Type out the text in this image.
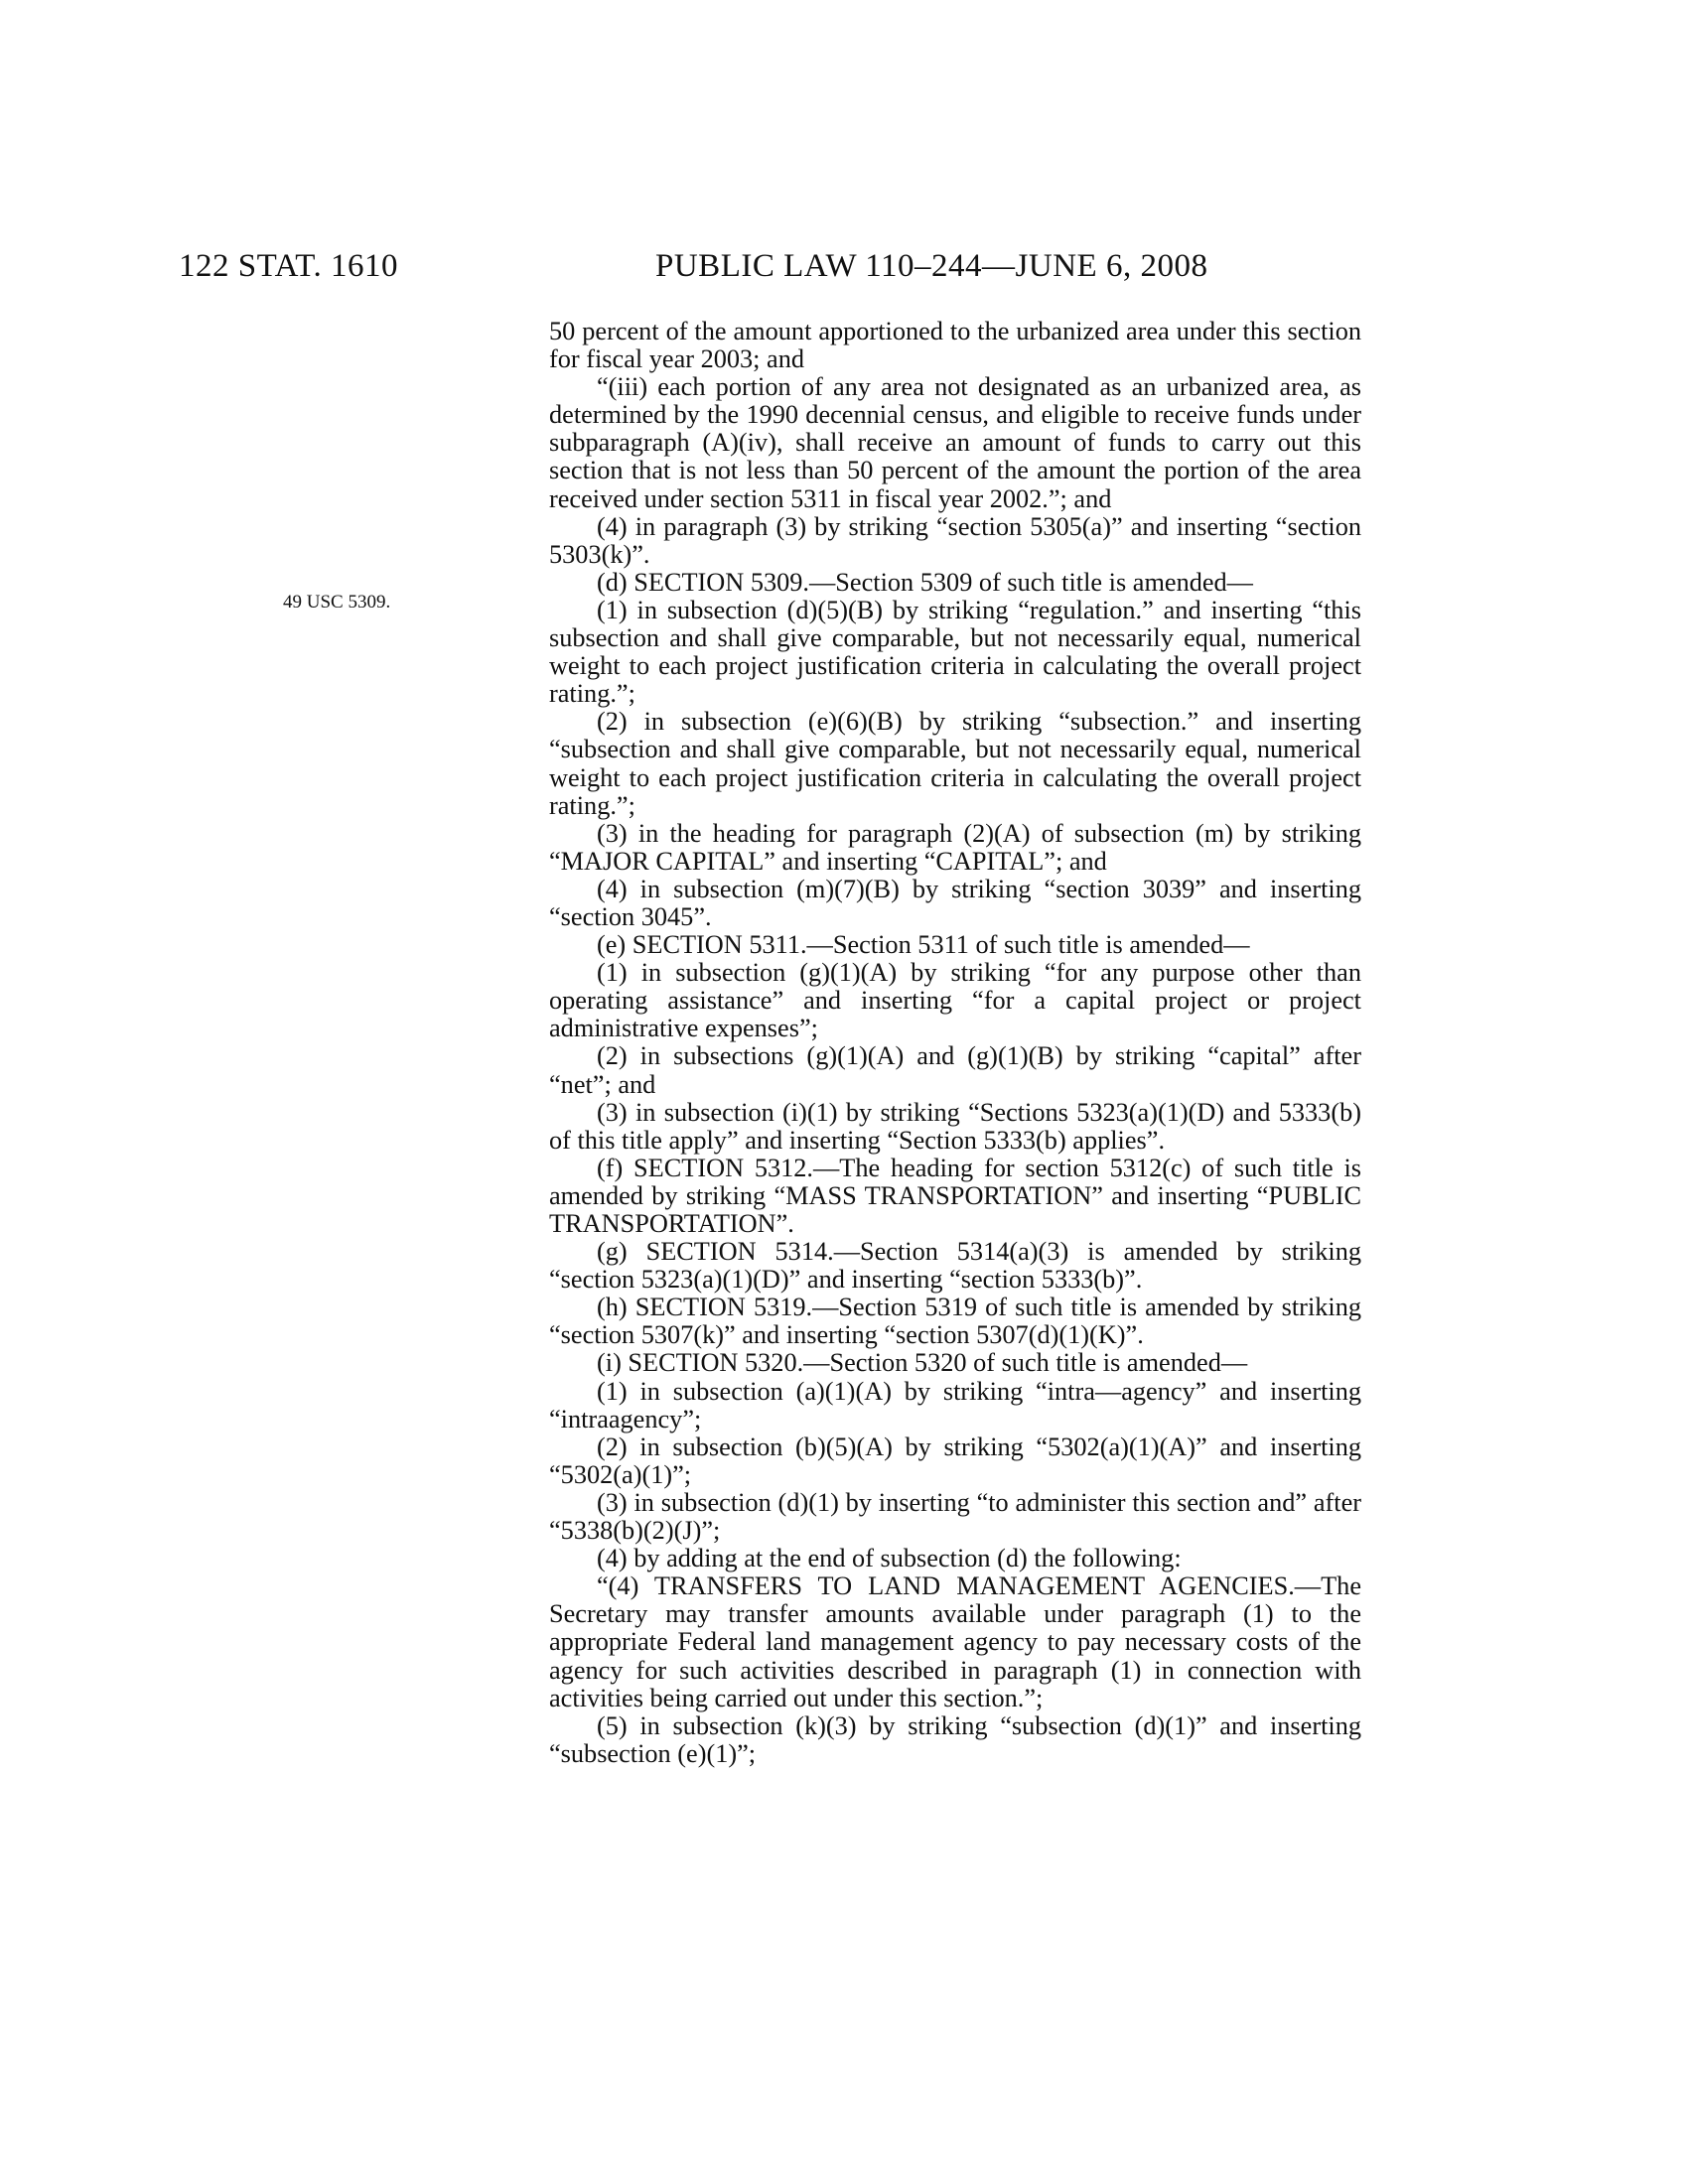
122 STAT. 1610	PUBLIC LAW 110–244—JUNE 6, 2008
49 USC 5309.

50 percent of the amount apportioned to the urbanized area under this section for fiscal year 2003; and

“(iii) each portion of any area not designated as an urbanized area, as determined by the 1990 decennial census, and eligible to receive funds under subparagraph (A)(iv), shall receive an amount of funds to carry out this section that is not less than 50 percent of the amount the portion of the area received under section 5311 in fiscal year 2002.”; and

(4) in paragraph (3) by striking “section 5305(a)” and inserting “section 5303(k)”.

(d) SECTION 5309.—Section 5309 of such title is amended—

(1) in subsection (d)(5)(B) by striking “regulation.” and inserting “this subsection and shall give comparable, but not necessarily equal, numerical weight to each project justification criteria in calculating the overall project rating.”;

(2) in subsection (e)(6)(B) by striking “subsection.” and inserting “subsection and shall give comparable, but not necessarily equal, numerical weight to each project justification criteria in calculating the overall project rating.”;

(3) in the heading for paragraph (2)(A) of subsection (m) by striking “MAJOR CAPITAL” and inserting “CAPITAL”; and

(4) in subsection (m)(7)(B) by striking “section 3039” and inserting “section 3045”.

(e) SECTION 5311.—Section 5311 of such title is amended—

(1) in subsection (g)(1)(A) by striking “for any purpose other than operating assistance” and inserting “for a capital project or project administrative expenses”;

(2) in subsections (g)(1)(A) and (g)(1)(B) by striking “capital” after “net”; and

(3) in subsection (i)(1) by striking “Sections 5323(a)(1)(D) and 5333(b) of this title apply” and inserting “Section 5333(b) applies”.

(f) SECTION 5312.—The heading for section 5312(c) of such title is amended by striking “MASS TRANSPORTATION” and inserting “PUBLIC TRANSPORTATION”.

(g) SECTION 5314.—Section 5314(a)(3) is amended by striking “section 5323(a)(1)(D)” and inserting “section 5333(b)”.

(h) SECTION 5319.—Section 5319 of such title is amended by striking “section 5307(k)” and inserting “section 5307(d)(1)(K)”.

(i) SECTION 5320.—Section 5320 of such title is amended—

(1) in subsection (a)(1)(A) by striking “intra—agency” and inserting “intraagency”;

(2) in subsection (b)(5)(A) by striking “5302(a)(1)(A)” and inserting “5302(a)(1)”;

(3) in subsection (d)(1) by inserting “to administer this section and” after “5338(b)(2)(J)”;

(4) by adding at the end of subsection (d) the following:

“(4) TRANSFERS TO LAND MANAGEMENT AGENCIES.—The Secretary may transfer amounts available under paragraph (1) to the appropriate Federal land management agency to pay necessary costs of the agency for such activities described in paragraph (1) in connection with activities being carried out under this section.”;

(5) in subsection (k)(3) by striking “subsection (d)(1)” and inserting “subsection (e)(1)”;
